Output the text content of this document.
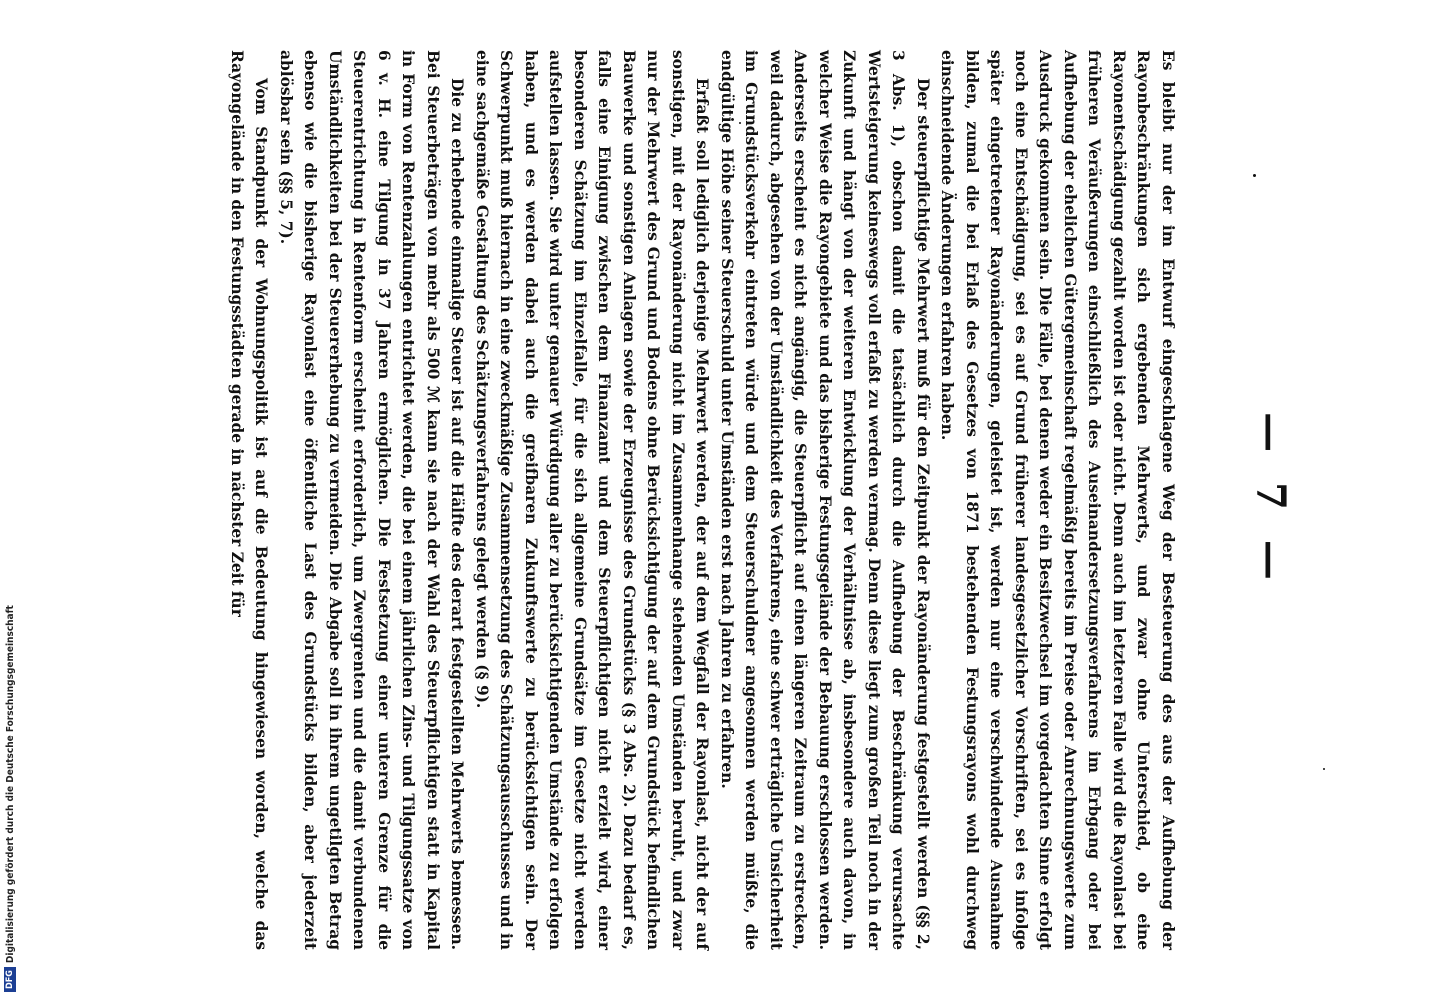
— 7 —

Es bleibt nur der im Entwurf eingeschlagene Weg der Besteuerung des aus der Aufhebung der Rayonbeschränkungen sich ergebenden Mehrwerts, und zwar ohne Unterschied, ob eine Rayonentschädigung gezahlt worden ist oder nicht. Denn auch im letzteren Falle wird die Rayonlast bei früheren Veräußerungen einschließlich des Auseinandersetzungsverfahrens im Erbgang oder bei Aufhebung der ehelichen Gütergemeinschaft regelmäßig bereits im Preise oder Anrechnungswerte zum Ausdruck gekommen sein. Die Fälle, bei denen weder ein Besitzwechsel im vorgedachten Sinne erfolgt noch eine Entschädigung, sei es auf Grund früherer landesgesetzlicher Vorschriften, sei es infolge später eingetretener Rayonänderungen, geleistet ist, werden nur eine verschwindende Ausnahme bilden, zumal die bei Erlaß des Gesetzes von 1871 bestehenden Festungsrayons wohl durchweg einschneidende Änderungen erfahren haben.

Der steuerpflichtige Mehrwert muß für den Zeitpunkt der Rayonänderung festgestellt werden (§§ 2, 3 Abs. 1), obschon damit die tatsächlich durch die Aufhebung der Beschränkung verursachte Wertsteigerung keineswegs voll erfaßt zu werden vermag. Denn diese liegt zum großen Teil noch in der Zukunft und hängt von der weiteren Entwicklung der Verhältnisse ab, insbesondere auch davon, in welcher Weise die Rayongebiete und das bisherige Festungsgelände der Bebauung erschlossen werden. Anderseits erscheint es nicht angängig, die Steuerpflicht auf einen längeren Zeitraum zu erstrecken, weil dadurch, abgesehen von der Umständlichkeit des Verfahrens, eine schwer erträgliche Unsicherheit im Grundstücksverkehr eintreten würde und dem Steuerschuldner angesonnen werden müßte, die endgültige Höhe seiner Steuerschuld unter Umständen erst nach Jahren zu erfahren.

Erfaßt soll lediglich derjenige Mehrwert werden, der auf dem Wegfall der Rayonlast, nicht der auf sonstigen, mit der Rayonänderung nicht im Zusammenhange stehenden Umständen beruht, und zwar nur der Mehrwert des Grund und Bodens ohne Berücksichtigung der auf dem Grundstück befindlichen Bauwerke und sonstigen Anlagen sowie der Erzeugnisse des Grundstücks (§ 3 Abs. 2). Dazu bedarf es, falls eine Einigung zwischen dem Finanzamt und dem Steuerpflichtigen nicht erzielt wird, einer besonderen Schätzung im Einzelfalle, für die sich allgemeine Grundsätze im Gesetze nicht werden aufstellen lassen. Sie wird unter genauer Würdigung aller zu berücksichtigenden Umstände zu erfolgen haben, und es werden dabei auch die greifbaren Zukunftswerte zu berücksichtigen sein. Der Schwerpunkt muß hiernach in eine zweckmäßige Zusammensetzung des Schätzungsausschusses und in eine sachgemäße Gestaltung des Schätzungsverfahrens gelegt werden (§ 9).

Die zu erhebende einmalige Steuer ist auf die Hälfte des derart festgestellten Mehrwerts bemessen. Bei Steuerbeträgen von mehr als 500 ℳ kann sie nach der Wahl des Steuerpflichtigen statt in Kapital in Form von Rentenzahlungen entrichtet werden, die bei einem jährlichen Zins- und Tilgungssatze von 6 v. H. eine Tilgung in 37 Jahren ermöglichen. Die Festsetzung einer unteren Grenze für die Steuerentrichtung in Rentenform erscheint erforderlich, um Zwergrenten und die damit verbundenen Umständlichkeiten bei der Steuererhebung zu vermeiden. Die Abgabe soll in ihrem ungetilgten Betrag ebenso wie die bisherige Rayonlast eine öffentliche Last des Grundstücks bilden, aber jederzeit ablösbar sein (§§ 5, 7).

Vom Standpunkt der Wohnungspolitik ist auf die Bedeutung hingewiesen worden, welche das Rayongelände in den Festungsstädten gerade in nächster Zeit für

DFG
Digitalisierung gefördert durch die Deutsche Forschungsgemeinschaft
